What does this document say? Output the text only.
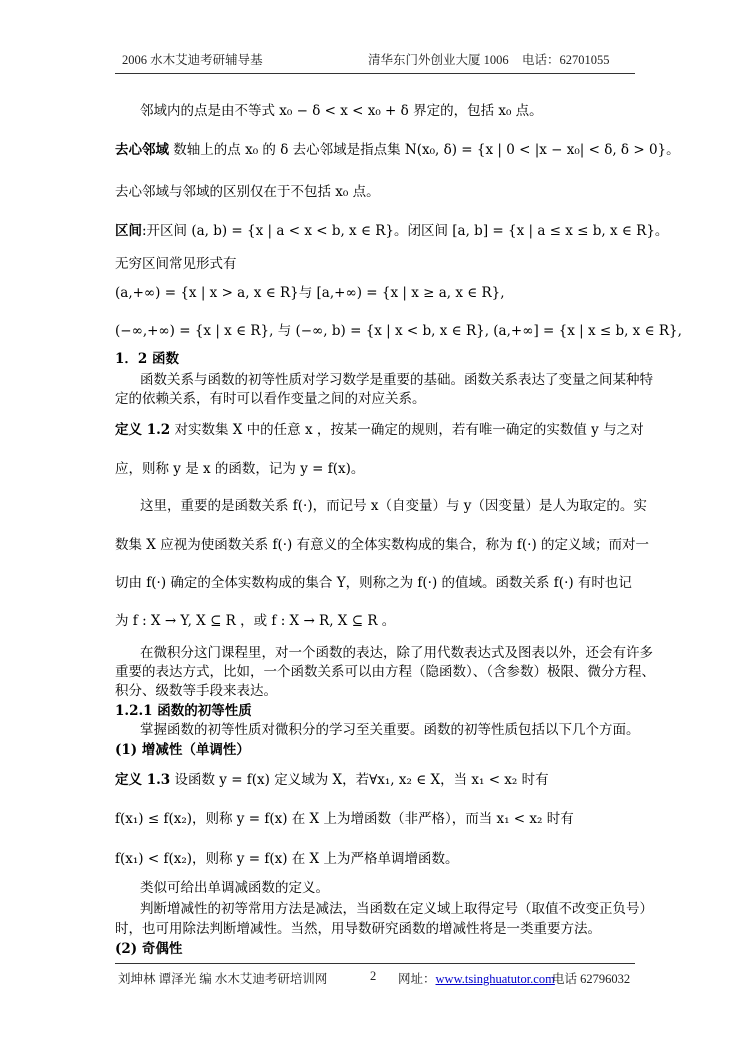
2006 水木艾迪考研辅导基	清华东门外创业大厦 1006 电话：62701055
邻域内的点是由不等式 x₀ − δ < x < x₀ + δ 界定的，包括 x₀ 点。
去心邻域 数轴上的点 x₀ 的 δ 去心邻域是指点集 N(x₀, δ) = {x | 0 < |x − x₀| < δ, δ > 0}。
去心邻域与邻域的区别仅在于不包括 x₀ 点。
区间:开区间 (a, b) = {x | a < x < b, x ∈ R}。闭区间 [a, b] = {x | a ≤ x ≤ b, x ∈ R}。
无穷区间常见形式有
(a,+∞) = {x | x > a, x ∈ R}与 [a,+∞) = {x | x ≥ a, x ∈ R},
(−∞,+∞) = {x | x ∈ R}, 与 (−∞, b) = {x | x < b, x ∈ R}, (a,+∞] = {x | x ≤ b, x ∈ R},
1．2 函数
函数关系与函数的初等性质对学习数学是重要的基础。函数关系表达了变量之间某种特
定的依赖关系，有时可以看作变量之间的对应关系。
定义 1.2 对实数集 X 中的任意 x ，按某一确定的规则，若有唯一确定的实数值 y 与之对
应，则称 y 是 x 的函数，记为 y = f(x)。
这里，重要的是函数关系 f(·)，而记号 x（自变量）与 y（因变量）是人为取定的。实
数集 X 应视为使函数关系 f(·) 有意义的全体实数构成的集合，称为 f(·) 的定义域；而对一
切由 f(·) 确定的全体实数构成的集合 Y，则称之为 f(·) 的值域。函数关系 f(·) 有时也记
为 f : X → Y, X ⊆ R ，或 f : X → R, X ⊆ R 。
在微积分这门课程里，对一个函数的表达，除了用代数表达式及图表以外，还会有许多
重要的表达方式，比如，一个函数关系可以由方程（隐函数）、（含参数）极限、微分方程、
积分、级数等手段来表达。
1.2.1 函数的初等性质
掌握函数的初等性质对微积分的学习至关重要。函数的初等性质包括以下几个方面。
(1) 增减性（单调性）
定义 1.3 设函数 y = f(x) 定义域为 X，若∀x₁, x₂ ∈ X，当 x₁ < x₂ 时有
f(x₁) ≤ f(x₂)，则称 y = f(x) 在 X 上为增函数（非严格），而当 x₁ < x₂ 时有
f(x₁) < f(x₂)，则称 y = f(x) 在 X 上为严格单调增函数。
类似可给出单调减函数的定义。
判断增减性的初等常用方法是减法，当函数在定义域上取得定号（取值不改变正负号）
时，也可用除法判断增减性。当然，用导数研究函数的增减性将是一类重要方法。
(2) 奇偶性
刘坤林 谭泽光 编 水木艾迪考研培训网	2 网址：www.tsinghuatutor.com
电话 62796032
